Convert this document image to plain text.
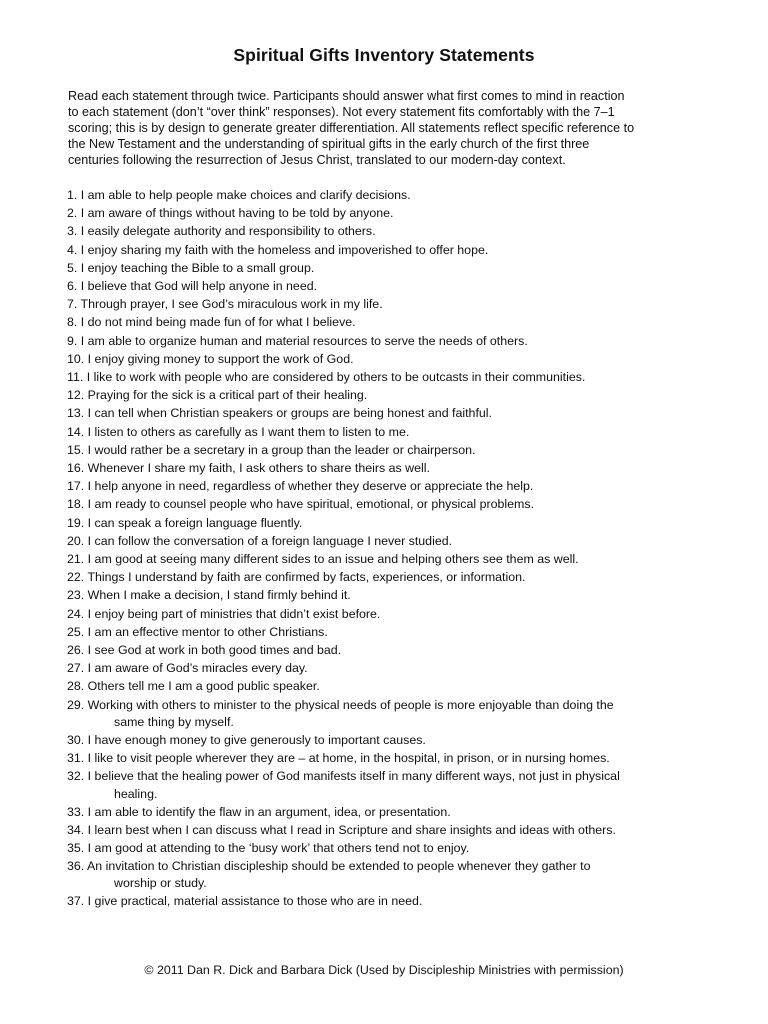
Spiritual Gifts Inventory Statements
Read each statement through twice. Participants should answer what first comes to mind in reaction
to each statement (don’t “over think” responses). Not every statement fits comfortably with the 7–1
scoring; this is by design to generate greater differentiation. All statements reflect specific reference to
the New Testament and the understanding of spiritual gifts in the early church of the first three
centuries following the resurrection of Jesus Christ, translated to our modern-day context.
1. I am able to help people make choices and clarify decisions.
2. I am aware of things without having to be told by anyone.
3. I easily delegate authority and responsibility to others.
4. I enjoy sharing my faith with the homeless and impoverished to offer hope.
5. I enjoy teaching the Bible to a small group.
6. I believe that God will help anyone in need.
7. Through prayer, I see God’s miraculous work in my life.
8. I do not mind being made fun of for what I believe.
9. I am able to organize human and material resources to serve the needs of others.
10. I enjoy giving money to support the work of God.
11. I like to work with people who are considered by others to be outcasts in their communities.
12. Praying for the sick is a critical part of their healing.
13. I can tell when Christian speakers or groups are being honest and faithful.
14. I listen to others as carefully as I want them to listen to me.
15. I would rather be a secretary in a group than the leader or chairperson.
16. Whenever I share my faith, I ask others to share theirs as well.
17. I help anyone in need, regardless of whether they deserve or appreciate the help.
18. I am ready to counsel people who have spiritual, emotional, or physical problems.
19. I can speak a foreign language fluently.
20. I can follow the conversation of a foreign language I never studied.
21. I am good at seeing many different sides to an issue and helping others see them as well.
22. Things I understand by faith are confirmed by facts, experiences, or information.
23. When I make a decision, I stand firmly behind it.
24. I enjoy being part of ministries that didn’t exist before.
25. I am an effective mentor to other Christians.
26. I see God at work in both good times and bad.
27. I am aware of God’s miracles every day.
28. Others tell me I am a good public speaker.
29. Working with others to minister to the physical needs of people is more enjoyable than doing the
same thing by myself.
30. I have enough money to give generously to important causes.
31. I like to visit people wherever they are – at home, in the hospital, in prison, or in nursing homes.
32. I believe that the healing power of God manifests itself in many different ways, not just in physical
healing.
33. I am able to identify the flaw in an argument, idea, or presentation.
34. I learn best when I can discuss what I read in Scripture and share insights and ideas with others.
35. I am good at attending to the ‘busy work’ that others tend not to enjoy.
36. An invitation to Christian discipleship should be extended to people whenever they gather to
worship or study.
37. I give practical, material assistance to those who are in need.
© 2011 Dan R. Dick and Barbara Dick (Used by Discipleship Ministries with permission)
